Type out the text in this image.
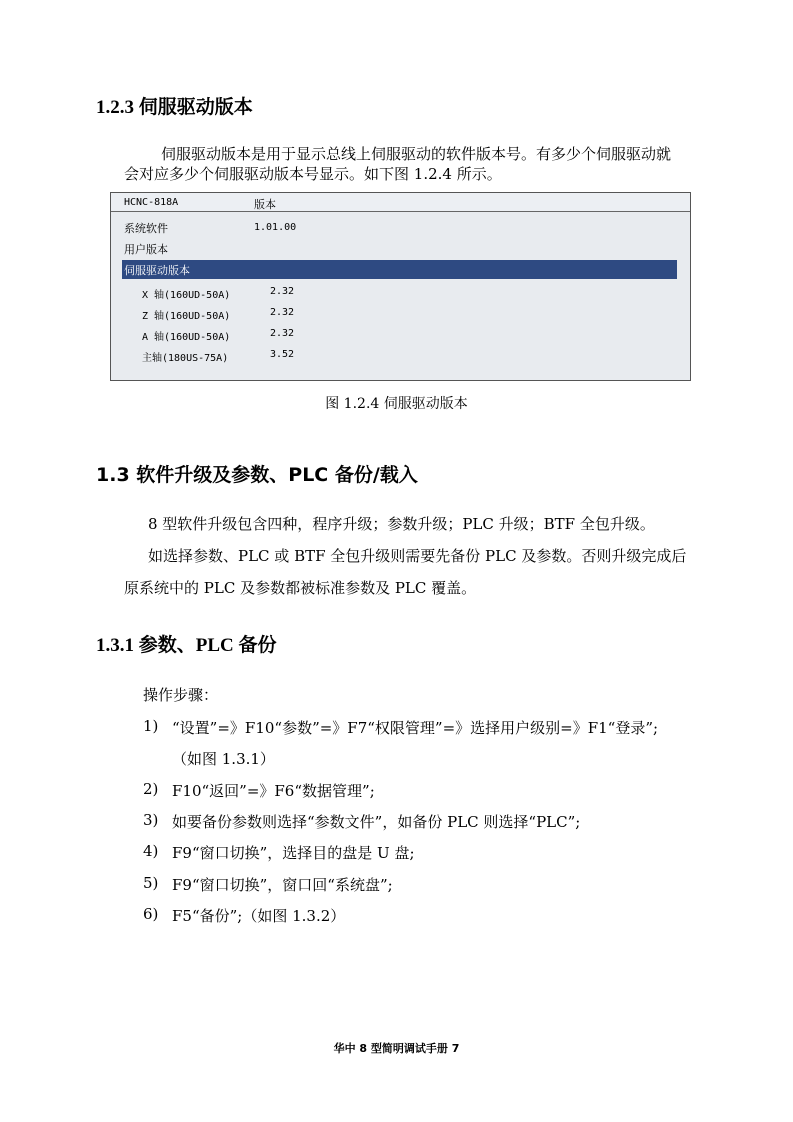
1.2.3 伺服驱动版本
伺服驱动版本是用于显示总线上伺服驱动的软件版本号。有多少个伺服驱动就
会对应多少个伺服驱动版本号显示。如下图 1.2.4 所示。
HCNC-818A	版本
系统软件	1.01.00
用户版本
伺服驱动版本
X 轴(160UD-50A)	2.32
Z 轴(160UD-50A)	2.32
A 轴(160UD-50A)	2.32
主轴(180US-75A)	3.52
图 1.2.4 伺服驱动版本
1.3 软件升级及参数、PLC 备份/载入
8 型软件升级包含四种，程序升级；参数升级；PLC 升级；BTF 全包升级。
如选择参数、PLC 或 BTF 全包升级则需要先备份 PLC 及参数。否则升级完成后
原系统中的 PLC 及参数都被标准参数及 PLC 覆盖。
1.3.1 参数、PLC 备份
操作步骤：
1) “设置”=》F10“参数”=》F7“权限管理”=》选择用户级别=》F1“登录”;
（如图 1.3.1）
2) F10“返回”=》F6“数据管理”;
3) 如要备份参数则选择“参数文件”，如备份 PLC 则选择“PLC”;
4) F9“窗口切换”，选择目的盘是 U 盘;
5) F9“窗口切换”，窗口回“系统盘”;
6) F5“备份”;（如图 1.3.2）
华中 8 型简明调试手册 7
